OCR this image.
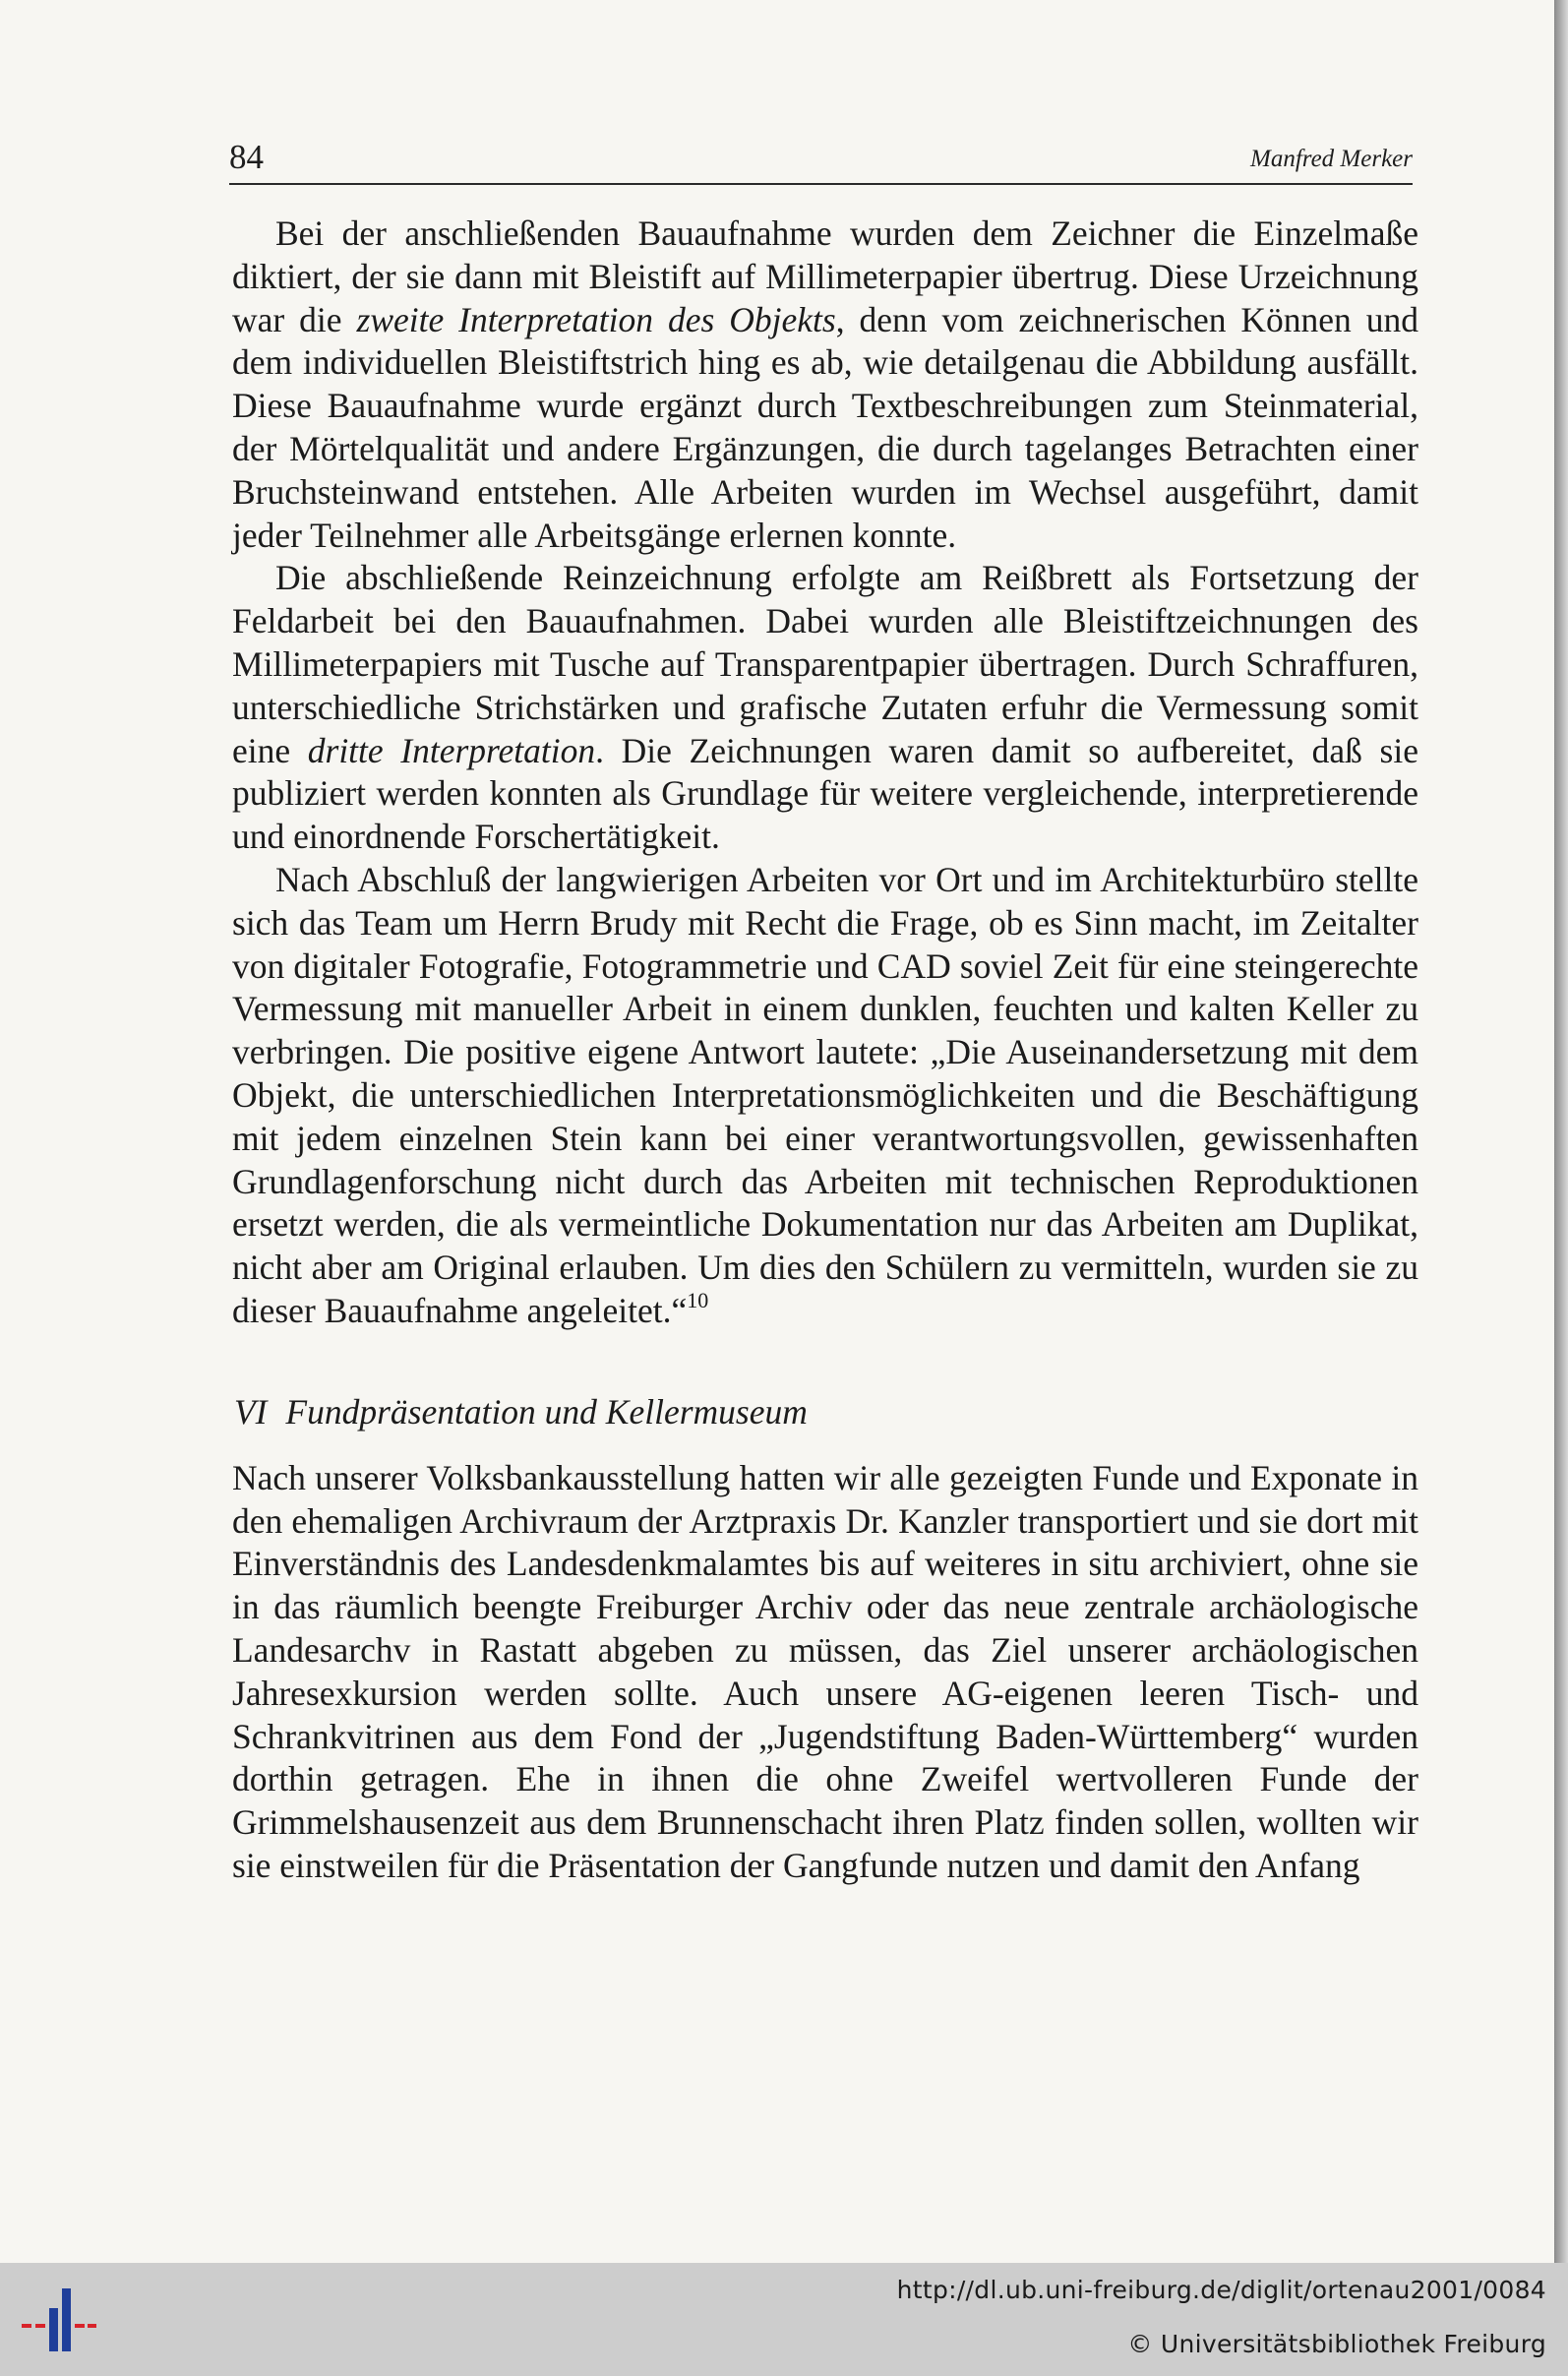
84	Manfred Merker

Bei der anschließenden Bauaufnahme wurden dem Zeichner die Einzelmaße diktiert, der sie dann mit Bleistift auf Millimeterpapier übertrug. Diese Urzeichnung war die zweite Interpretation des Objekts, denn vom zeichnerischen Können und dem individuellen Bleistiftstrich hing es ab, wie detailgenau die Abbildung ausfällt. Diese Bauaufnahme wurde ergänzt durch Textbeschreibungen zum Steinmaterial, der Mörtelqualität und andere Ergänzungen, die durch tagelanges Betrachten einer Bruchsteinwand entstehen. Alle Arbeiten wurden im Wechsel ausgeführt, damit jeder Teilnehmer alle Arbeitsgänge erlernen konnte.

Die abschließende Reinzeichnung erfolgte am Reißbrett als Fortsetzung der Feldarbeit bei den Bauaufnahmen. Dabei wurden alle Bleistiftzeichnungen des Millimeterpapiers mit Tusche auf Transparentpapier übertragen. Durch Schraffuren, unterschiedliche Strichstärken und grafische Zutaten erfuhr die Vermessung somit eine dritte Interpretation. Die Zeichnungen waren damit so aufbereitet, daß sie publiziert werden konnten als Grundlage für weitere vergleichende, interpretierende und einordnende Forschertätigkeit.

Nach Abschluß der langwierigen Arbeiten vor Ort und im Architekturbüro stellte sich das Team um Herrn Brudy mit Recht die Frage, ob es Sinn macht, im Zeitalter von digitaler Fotografie, Fotogrammetrie und CAD soviel Zeit für eine steingerechte Vermessung mit manueller Arbeit in einem dunklen, feuchten und kalten Keller zu verbringen. Die positive eigene Antwort lautete: „Die Auseinandersetzung mit dem Objekt, die unterschiedlichen Interpretationsmöglichkeiten und die Beschäftigung mit jedem einzelnen Stein kann bei einer verantwortungsvollen, gewissenhaften Grundlagenforschung nicht durch das Arbeiten mit technischen Reproduktionen ersetzt werden, die als vermeintliche Dokumentation nur das Arbeiten am Duplikat, nicht aber am Original erlauben. Um dies den Schülern zu vermitteln, wurden sie zu dieser Bauaufnahme angeleitet.“$^{10}$

VI Fundpräsentation und Kellermuseum

Nach unserer Volksbankausstellung hatten wir alle gezeigten Funde und Exponate in den ehemaligen Archivraum der Arztpraxis Dr. Kanzler transportiert und sie dort mit Einverständnis des Landesdenkmalamtes bis auf weiteres in situ archiviert, ohne sie in das räumlich beengte Freiburger Archiv oder das neue zentrale archäologische Landesarchv in Rastatt abgeben zu müssen, das Ziel unserer archäologischen Jahresexkursion werden sollte. Auch unsere AG-eigenen leeren Tisch- und Schrankvitrinen aus dem Fond der „Jugendstiftung Baden-Württemberg“ wurden dorthin getragen. Ehe in ihnen die ohne Zweifel wertvolleren Funde der Grimmelshausenzeit aus dem Brunnenschacht ihren Platz finden sollen, wollten wir sie einstweilen für die Präsentation der Gangfunde nutzen und damit den Anfang

http://dl.ub.uni-freiburg.de/diglit/ortenau2001/0084
© Universitätsbibliothek Freiburg
